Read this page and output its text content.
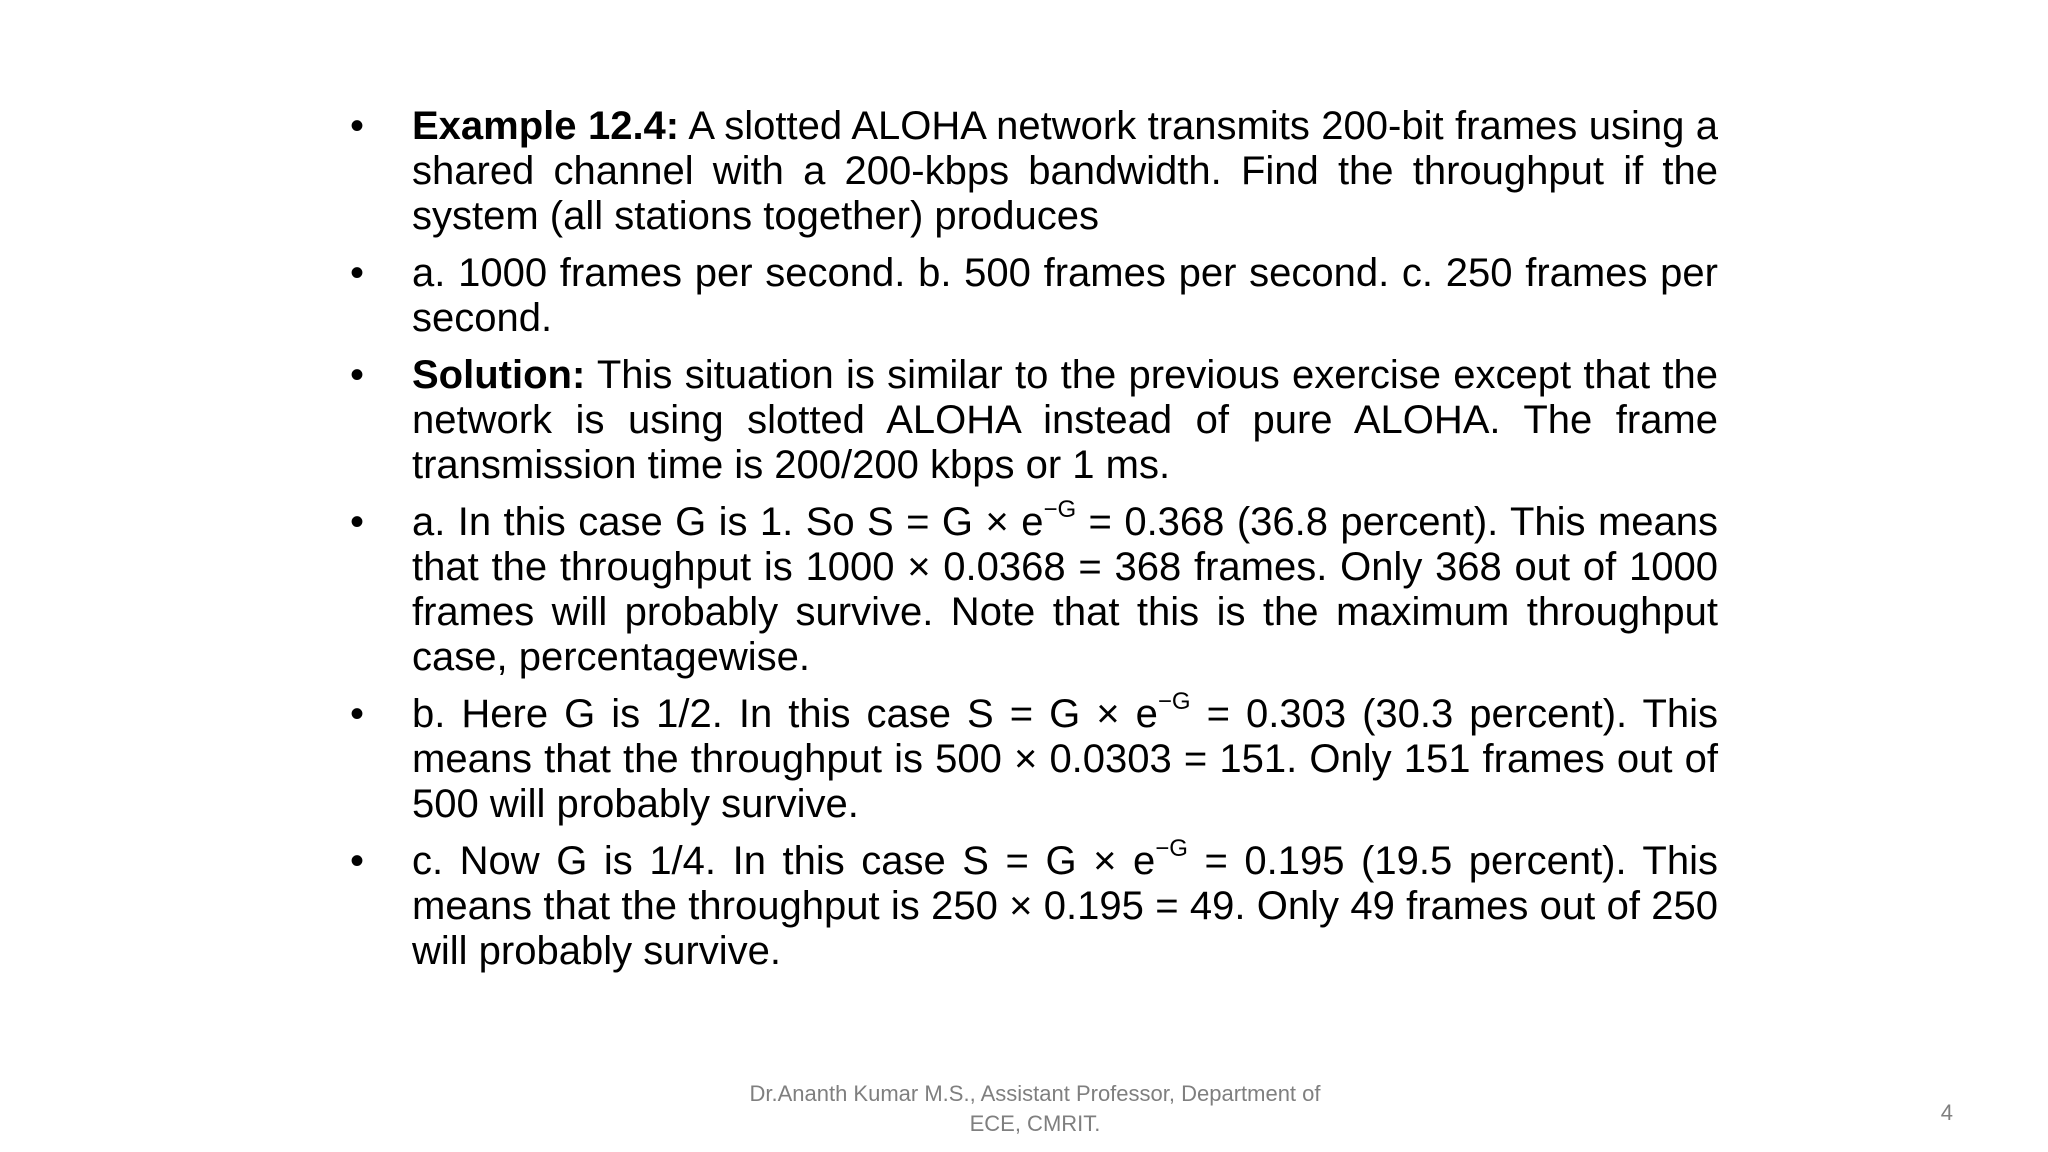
• Example 12.4: A slotted ALOHA network transmits 200-bit frames using a shared channel with a 200-kbps bandwidth. Find the throughput if the system (all stations together) produces
• a. 1000 frames per second. b. 500 frames per second. c. 250 frames per second.
• Solution: This situation is similar to the previous exercise except that the network is using slotted ALOHA instead of pure ALOHA. The frame transmission time is 200/200 kbps or 1 ms.
• a. In this case G is 1. So $S = G \times e^{-G} = 0.368$ (36.8 percent). This means that the throughput is 1000 × 0.0368 = 368 frames. Only 368 out of 1000 frames will probably survive. Note that this is the maximum throughput case, percentagewise.
• b. Here G is 1/2. In this case $S = G \times e^{-G} = 0.303$ (30.3 percent). This means that the throughput is 500 × 0.0303 = 151. Only 151 frames out of 500 will probably survive.
• c. Now G is 1/4. In this case $S = G \times e^{-G} = 0.195$ (19.5 percent). This means that the throughput is 250 × 0.195 = 49. Only 49 frames out of 250 will probably survive.
Dr.Ananth Kumar M.S., Assistant Professor, Department of
ECE, CMRIT.	4
